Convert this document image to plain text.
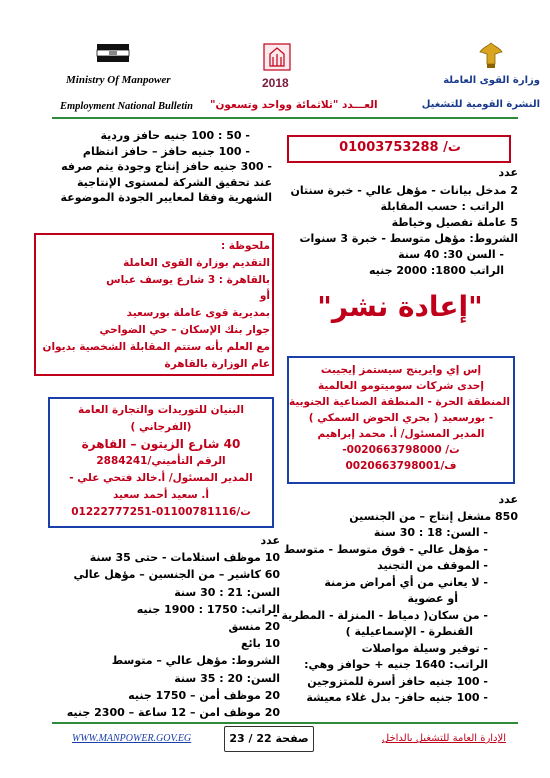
Ministry Of Manpower	2018	وزارة القوى العاملة
Employment National Bulletin العـــدد "ثلاثمائة وواحد وتسعون"	النشرة القومية للتشغيل
ت/ 01003753288
عدد
2 مدخل بيانات - مؤهل عالي - خبرة سنتان
الراتب : حسب المقابلة
5 عاملة تفصيل وخياطة
الشروط: مؤهل متوسط - خبرة 3 سنوات
- السن 30: 40 سنة
الراتب 1800: 2000 جنيه
"إعادة نشر"
إس إي وايرينج سيستمز إيجيبت
إحدى شركات سوميتومو العالمية
المنطقة الحرة - المنطقة الصناعية الجنوبية
- بورسعيد ( بحري الحوض السمكي )
المدير المسئول/ أ. محمد إبراهيم
ت/ 0020663798000-
ف/0020663798001
عدد
850 مشغل إنتاج – من الجنسين
- السن: 18 : 30 سنة
- مؤهل عالي - فوق متوسط - متوسط
- الموقف من التجنيد
- لا يعاني من أي أمراض مزمنة
أو عضوية
- من سكان( دمياط - المنزلة - المطرية -
القنطرة - الإسماعيلية )
- توفير وسيلة مواصلات
الراتب: 1640 جنيه + حوافز وهي:
- 100 جنيه حافز أسرة للمتزوجين
- 100 جنيه حافز- بدل غلاء معيشة
- 50 : 100 جنيه حافز وردية
- 100 جنيه حافز – حافز انتظام
- 300 جنيه حافز إنتاج وجودة يتم صرفه
عند تحقيق الشركة لمستوى الإنتاجية
الشهرية وفقا لمعايير الجودة الموضوعة
ملحوظة :
التقديم بوزارة القوى العاملة
بالقاهرة : 3 شارع يوسف عباس
أو
بمديرية قوى عاملة بورسعيد
جوار بنك الإسكان – حي الضواحي
مع العلم بأنه ستتم المقابلة الشخصية بديوان
عام الوزارة بالقاهرة
البنيان للتوريدات والتجارة العامة
(الفرجاني )
40 شارع الزيتون – القاهرة
الرقم التأميني/2884241
المدير المسئول/ أ.خالد فتحي علي -
أ. سعيد أحمد سعيد
ت/01100781116-01222777251
عدد
10 موظف استلامات - حتى 35 سنة
60 كاشير – من الجنسين – مؤهل عالي
السن: 21 : 30 سنة
الراتب: 1750 : 1900 جنيه
20 منسق
10 بائع
الشروط: مؤهل عالي – متوسط
السن: 20 : 35 سنة
20 موظف أمن – 1750 جنيه
20 موظف امن – 12 ساعة – 2300 جنيه
WWW.MANPOWER.GOV.EG	صفحة 22 / 23	الإدارة العامة للتشغيل بالداخل
